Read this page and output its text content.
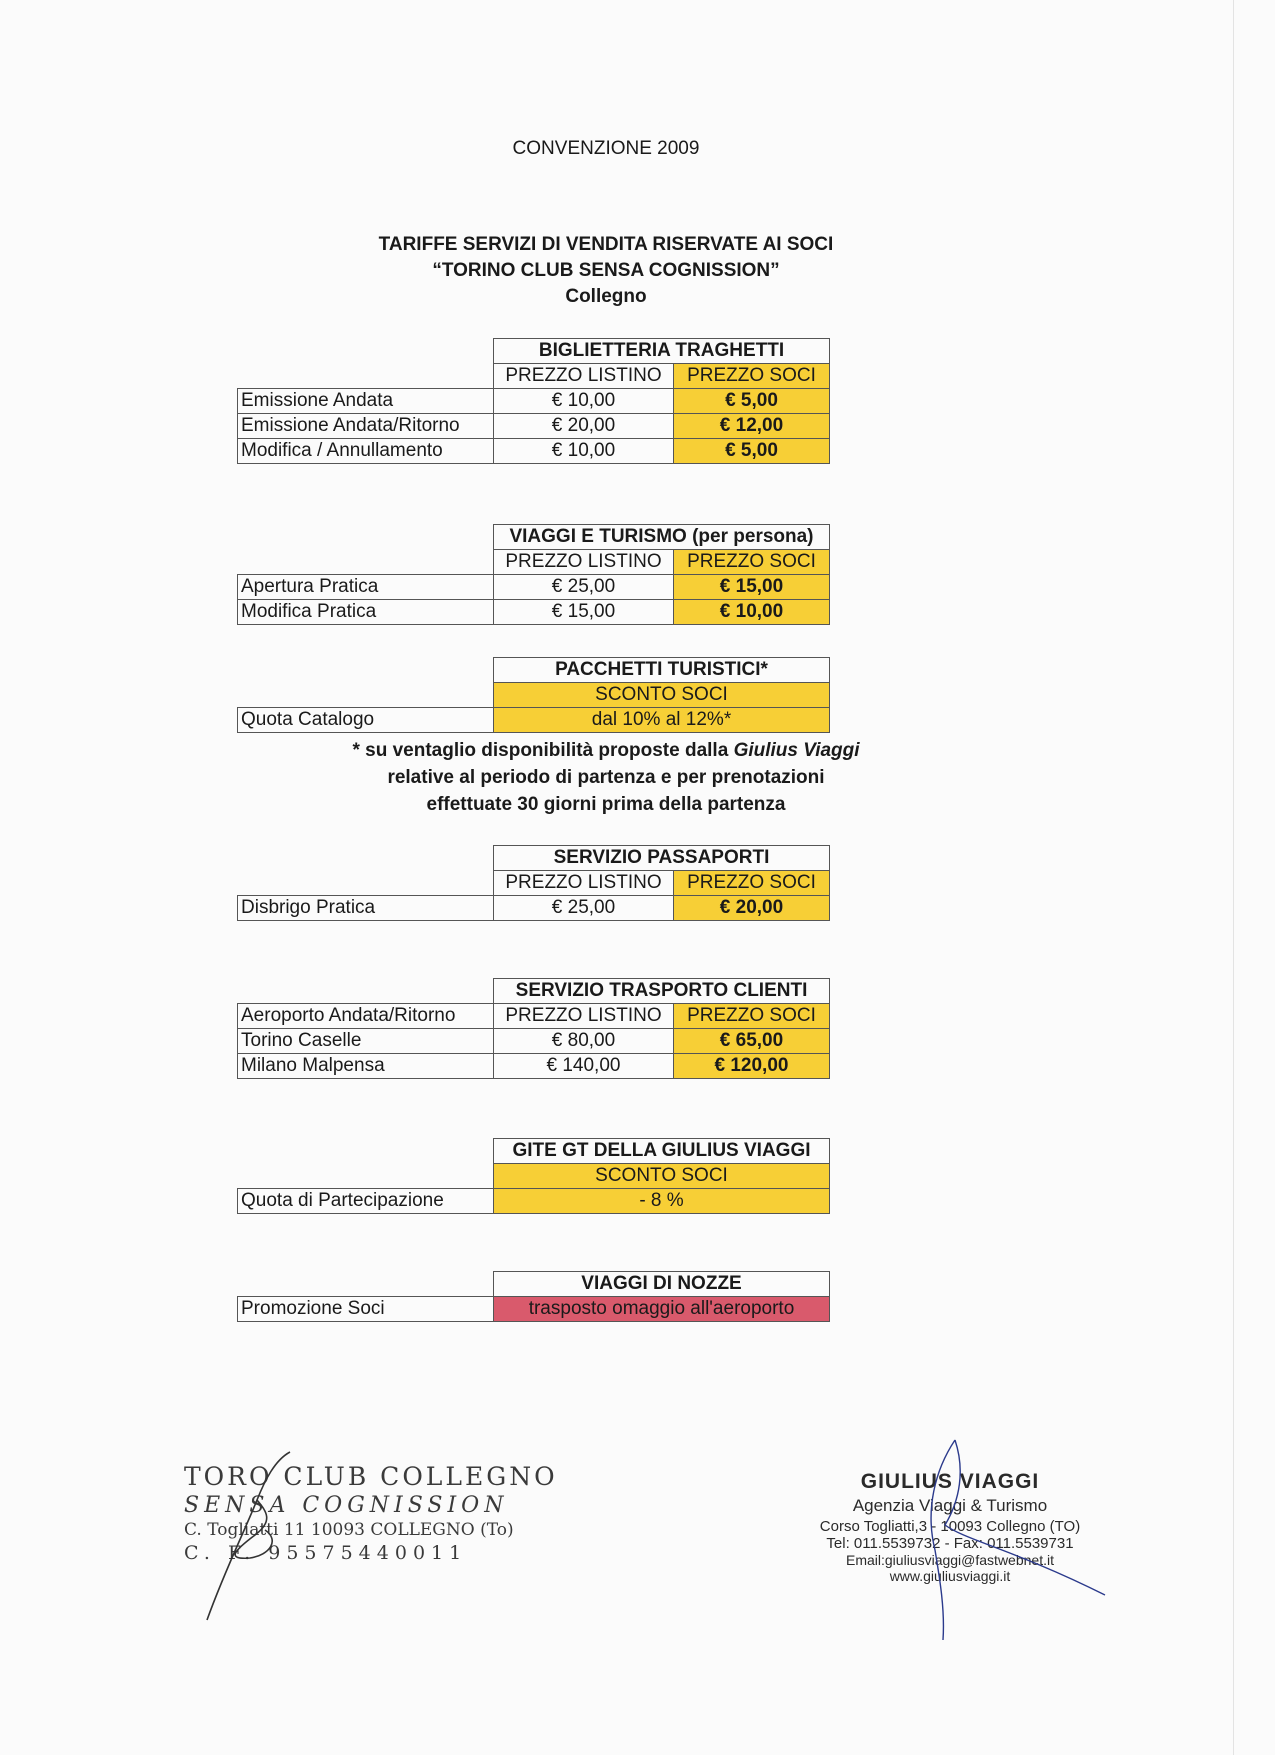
CONVENZIONE 2009
TARIFFE SERVIZI DI VENDITA RISERVATE AI SOCI
“TORINO CLUB SENSA COGNISSION”
Collegno
	BIGLIETTERIA TRAGHETTI	
	PREZZO LISTINO	PREZZO SOCI
Emissione Andata	€ 10,00	€ 5,00
Emissione Andata/Ritorno	€ 20,00	€ 12,00
Modifica / Annullamento	€ 10,00	€ 5,00
	VIAGGI E TURISMO (per persona)	
	PREZZO LISTINO	PREZZO SOCI
Apertura Pratica	€ 25,00	€ 15,00
Modifica Pratica	€ 15,00	€ 10,00
	PACCHETTI TURISTICI*
	SCONTO SOCI
Quota Catalogo	dal 10% al 12%*
* su ventaglio disponibilità proposte dalla Giulius Viaggi
relative al periodo di partenza e per prenotazioni
effettuate 30 giorni prima della partenza
	SERVIZIO PASSAPORTI	
	PREZZO LISTINO	PREZZO SOCI
Disbrigo Pratica	€ 25,00	€ 20,00
	SERVIZIO TRASPORTO CLIENTI	
Aeroporto Andata/Ritorno	PREZZO LISTINO	PREZZO SOCI
Torino Caselle	€ 80,00	€ 65,00
Milano Malpensa	€ 140,00	€ 120,00
	GITE GT DELLA GIULIUS VIAGGI
	SCONTO SOCI
Quota di Partecipazione	- 8 %
	VIAGGI DI NOZZE
Promozione Soci	trasposto omaggio all'aeroporto
TORO CLUB COLLEGNO
SENSA COGNISSION
C. Togliatti 11 10093 COLLEGNO (To)
C. F. 95575440011
GIULIUS VIAGGI
Agenzia Viaggi & Turismo
Corso Togliatti,3 - 10093 Collegno (TO)
Tel: 011.5539732 - Fax: 011.5539731
Email:giuliusviaggi@fastwebnet.it
www.giuliusviaggi.it
